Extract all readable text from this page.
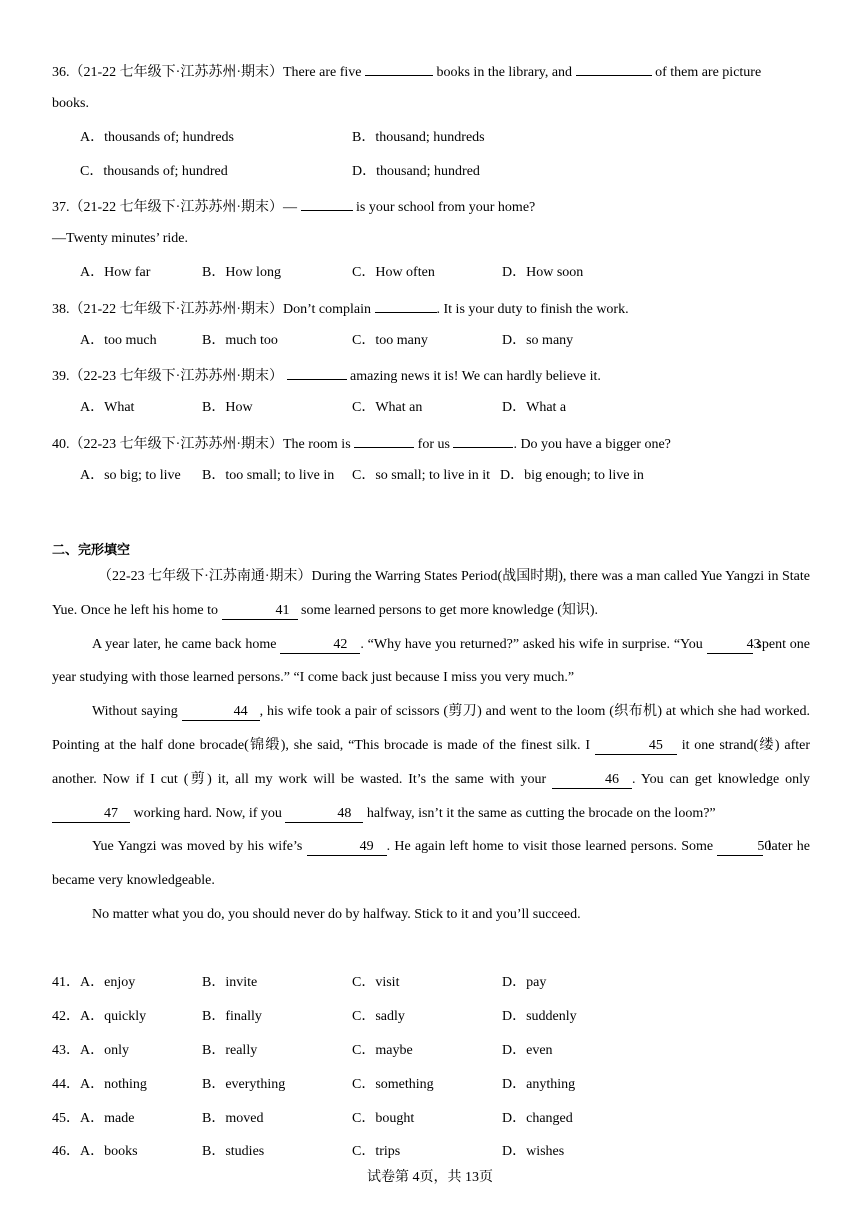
36.（21-22 七年级下·江苏苏州·期末）There are five	books in the library, and	of them are picture
books.
A．thousands of; hundreds	B．thousand; hundreds
C．thousands of; hundred	D．thousand; hundred
37.（21-22 七年级下·江苏苏州·期末）—	is your school from your home?
—Twenty minutes’ ride.
A．How far	B．How long	C．How often	D．How soon
38.（21-22 七年级下·江苏苏州·期末）Don’t complain	. It is your duty to finish the work.
A．too much	B．much too	C．too many	D．so many
39.（22-23 七年级下·江苏苏州·期末）	amazing news it is! We can hardly believe it.
A．What	B．How	C．What an	D．What a
40.（22-23 七年级下·江苏苏州·期末）The room is	for us	. Do you have a bigger one?
A．so big; to live B．too small; to live in C．so small; to live in it D．big enough; to live in
二、完形填空

（22-23 七年级下·江苏南通·期末）During the Warring States Period(战国时期), there was a man called Yue Yangzi in State Yue. Once he left his home to	41 some learned persons to get more knowledge (知识).

A year later, he came back home	42 . “Why have you returned?” asked his wife in surprise. “You	43 spent one year studying with those learned persons.” “I come back just because I miss you very much.”

Without saying	44 , his wife took a pair of scissors (剪刀) and went to the loom (织布机) at which she had worked. Pointing at the half done brocade(锦缎), she said, “This brocade is made of the finest silk. I	45 it one strand(缕) after another. Now if I cut (剪) it, all my work will be wasted. It’s the same with your	46 . You can get knowledge only 47 working hard. Now, if you	48 halfway, isn’t it the same as cutting the brocade on the loom?”

Yue Yangzi was moved by his wife’s	49 . He again left home to visit those learned persons. Some	50 later he became very knowledgeable.

No matter what you do, you should never do by halfway. Stick to it and you’ll succeed.

41． A．enjoy	B．invite	C．visit	D．pay
42． A．quickly	B．finally	C．sadly	D．suddenly
43． A．only	B．really	C．maybe	D．even
44． A．nothing	B．everything	C．something	D．anything
45． A．made	B．moved	C．bought	D．changed
46． A．books	B．studies	C．trips	D．wishes
试卷第 4页，共 13页
